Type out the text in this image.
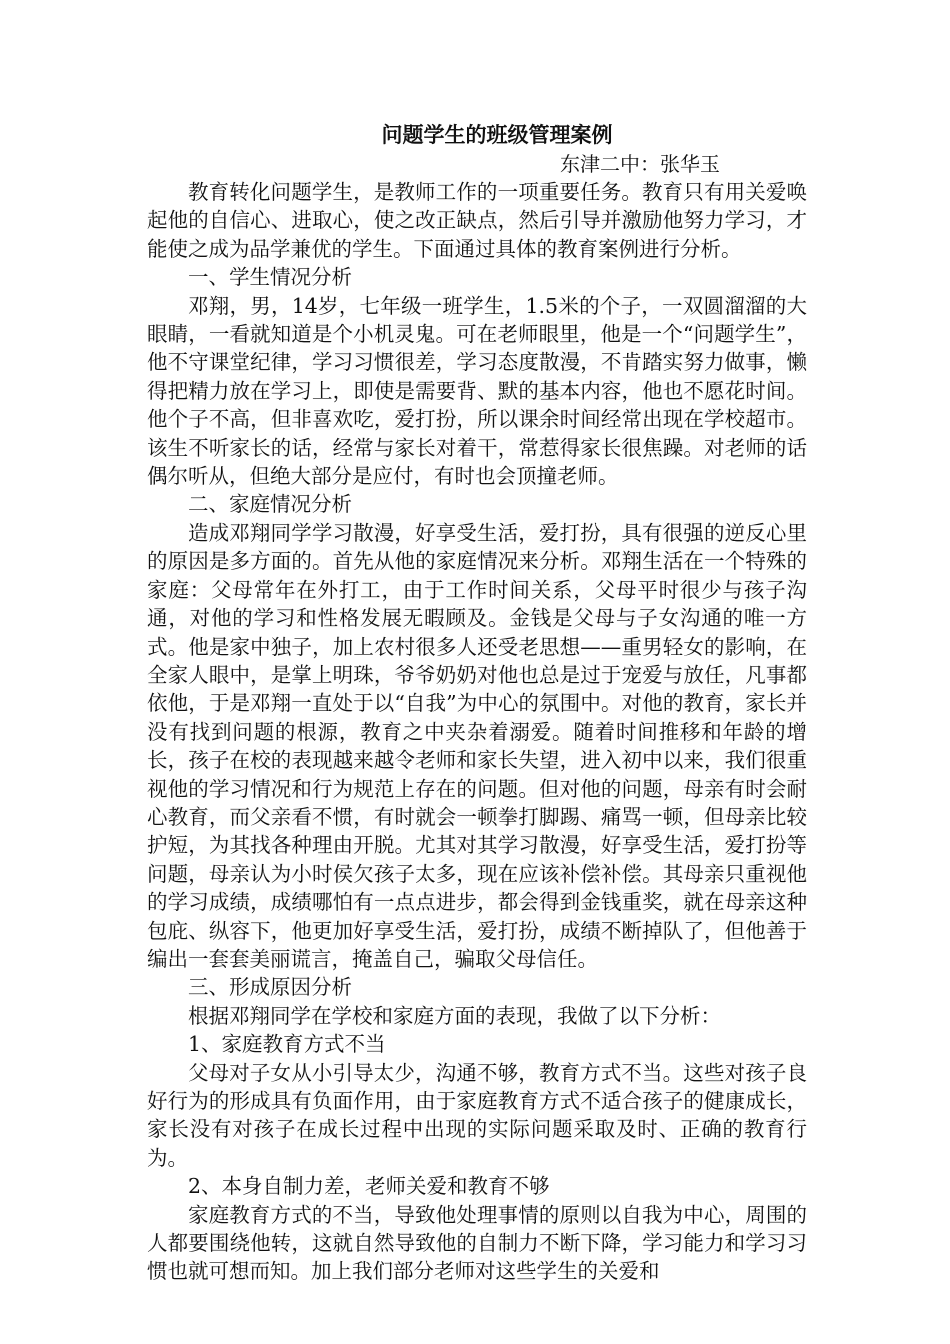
问题学生的班级管理案例

东津二中：张华玉

教育转化问题学生，是教师工作的一项重要任务。教育只有用关爱唤起他的自信心、进取心，使之改正缺点，然后引导并激励他努力学习，才能使之成为品学兼优的学生。下面通过具体的教育案例进行分析。

一、学生情况分析

邓翔，男，14岁，七年级一班学生，1.5米的个子，一双圆溜溜的大眼睛，一看就知道是个小机灵鬼。可在老师眼里，他是一个“问题学生”，他不守课堂纪律，学习习惯很差，学习态度散漫，不肯踏实努力做事，懒得把精力放在学习上，即使是需要背、默的基本内容，他也不愿花时间。他个子不高，但非喜欢吃，爱打扮，所以课余时间经常出现在学校超市。该生不听家长的话，经常与家长对着干，常惹得家长很焦躁。对老师的话偶尔听从，但绝大部分是应付，有时也会顶撞老师。

二、家庭情况分析

造成邓翔同学学习散漫，好享受生活，爱打扮，具有很强的逆反心里的原因是多方面的。首先从他的家庭情况来分析。邓翔生活在一个特殊的家庭：父母常年在外打工，由于工作时间关系，父母平时很少与孩子沟通，对他的学习和性格发展无暇顾及。金钱是父母与子女沟通的唯一方式。他是家中独子，加上农村很多人还受老思想——重男轻女的影响，在全家人眼中，是掌上明珠，爷爷奶奶对他也总是过于宠爱与放任，凡事都依他，于是邓翔一直处于以“自我”为中心的氛围中。对他的教育，家长并没有找到问题的根源，教育之中夹杂着溺爱。随着时间推移和年龄的增长，孩子在校的表现越来越令老师和家长失望，进入初中以来，我们很重视他的学习情况和行为规范上存在的问题。但对他的问题，母亲有时会耐心教育，而父亲看不惯，有时就会一顿拳打脚踢、痛骂一顿，但母亲比较护短，为其找各种理由开脱。尤其对其学习散漫，好享受生活，爱打扮等问题，母亲认为小时侯欠孩子太多，现在应该补偿补偿。其母亲只重视他的学习成绩，成绩哪怕有一点点进步，都会得到金钱重奖，就在母亲这种包庇、纵容下，他更加好享受生活，爱打扮，成绩不断掉队了，但他善于编出一套套美丽谎言，掩盖自己，骗取父母信任。

三、形成原因分析

根据邓翔同学在学校和家庭方面的表现，我做了以下分析：

1、家庭教育方式不当

父母对子女从小引导太少，沟通不够，教育方式不当。这些对孩子良好行为的形成具有负面作用，由于家庭教育方式不适合孩子的健康成长，家长没有对孩子在成长过程中出现的实际问题采取及时、正确的教育行为。

2、本身自制力差，老师关爱和教育不够

家庭教育方式的不当，导致他处理事情的原则以自我为中心，周围的人都要围绕他转，这就自然导致他的自制力不断下降，学习能力和学习习惯也就可想而知。加上我们部分老师对这些学生的关爱和
